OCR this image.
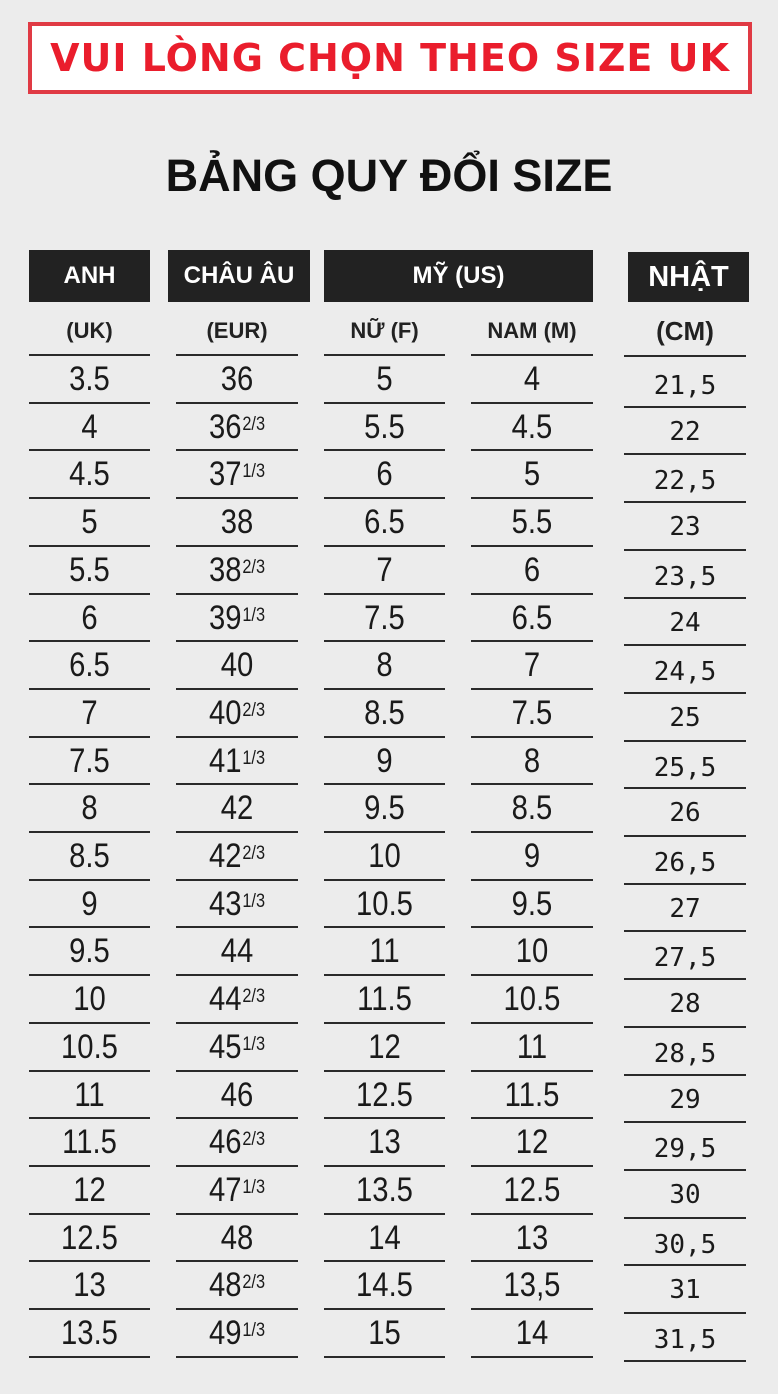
VUI LÒNG CHỌN THEO SIZE UK
BẢNG QUY ĐỔI SIZE
ANH	CHÂU ÂU	MỸ (US)	NHẬT
(UK)	(EUR)	NỮ (F)	NAM (M)	(CM)
3.5	36	5	4	21,5
4	$36^{2/3}$	5.5	4.5	22
4.5	$37^{1/3}$	6	5	22,5
5	38	6.5	5.5	23
5.5	$38^{2/3}$	7	6	23,5
6	$39^{1/3}$	7.5	6.5	24
6.5	40	8	7	24,5
7	$40^{2/3}$	8.5	7.5	25
7.5	$41^{1/3}$	9	8	25,5
8	42	9.5	8.5	26
8.5	$42^{2/3}$	10	9	26,5
9	$43^{1/3}$	10.5	9.5	27
9.5	44	11	10	27,5
10	$44^{2/3}$	11.5	10.5	28
10.5	$45^{1/3}$	12	11	28,5
11	46	12.5	11.5	29
11.5	$46^{2/3}$	13	12	29,5
12	$47^{1/3}$	13.5	12.5	30
12.5	48	14	13	30,5
13	$48^{2/3}$	14.5	13,5	31
13.5	$49^{1/3}$	15	14	31,5
